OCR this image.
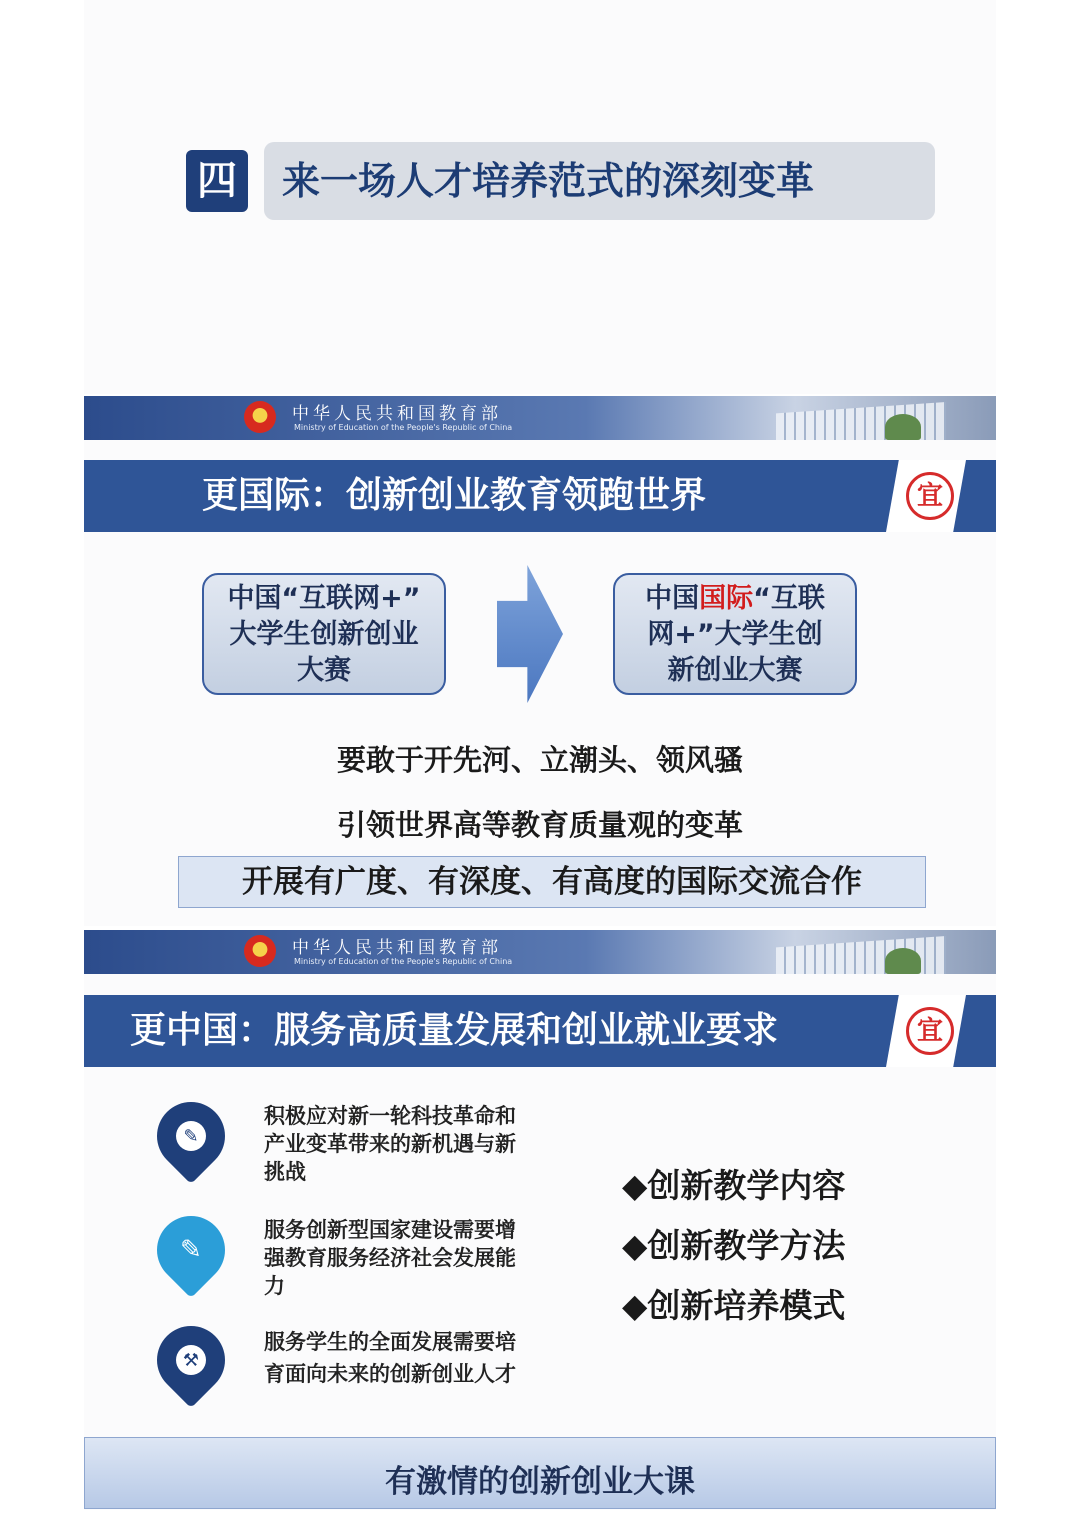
四 来一场人才培养范式的深刻变革
中华人民共和国教育部
Ministry of Education of the People's Republic of China
更国际：创新创业教育领跑世界	宜
中国“互联网+”
大学生创新创业
大赛
中国国际“互联
网+”大学生创
新创业大赛
要敢于开先河、立潮头、领风骚
引领世界高等教育质量观的变革
开展有广度、有深度、有高度的国际交流合作
中华人民共和国教育部
Ministry of Education of the People's Republic of China
更中国：服务高质量发展和创业就业要求	宜
✎
积极应对新一轮科技革命和产业变革带来的新机遇与新挑战
✎
服务创新型国家建设需要增强教育服务经济社会发展能力
⚒
服务学生的全面发展需要培育面向未来的创新创业人才
◆创新教学内容
◆创新教学方法
◆创新培养模式
有激情的创新创业大课
